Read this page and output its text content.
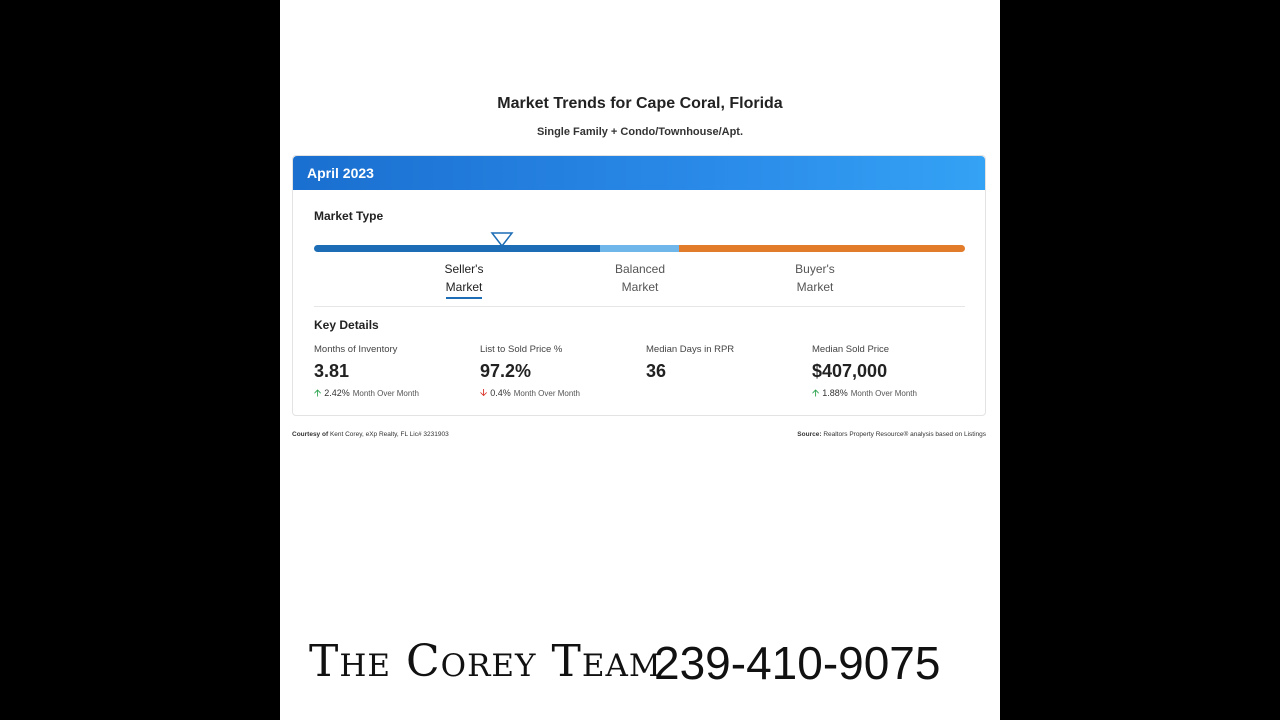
Market Trends for Cape Coral, Florida
Single Family + Condo/Townhouse/Apt.
April 2023
Market Type
Seller's
Market
Balanced
Market
Buyer's
Market
Key Details
Months of Inventory
3.81
🡩 2.42% Month Over Month
List to Sold Price %
97.2%
🡫 0.4% Month Over Month
Median Days in RPR
36
Median Sold Price
$407,000
🡩 1.88% Month Over Month
Courtesy of Kent Corey, eXp Realty, FL Lic# 3231903	Source: Realtors Property Resource® analysis based on Listings
The Corey Team
239-410-9075
